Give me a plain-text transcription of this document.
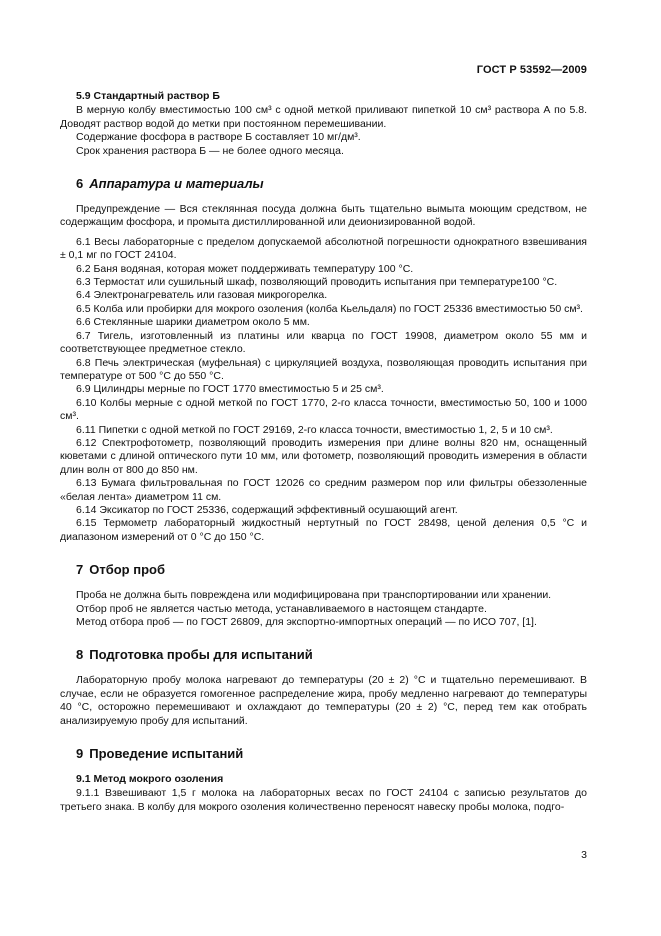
ГОСТ Р 53592—2009

5.9 Стандартный раствор Б

В мерную колбу вместимостью 100 см³ с одной меткой приливают пипеткой 10 см³ раствора А по 5.8. Доводят раствор водой до метки при постоянном перемешивании.

Содержание фосфора в растворе Б составляет 10 мг/дм³.

Срок хранения раствора Б — не более одного месяца.

6 Аппаратура и материалы

Предупреждение — Вся стеклянная посуда должна быть тщательно вымыта моющим средством, не содержащим фосфора, и промыта дистиллированной или деионизированной водой.

6.1 Весы лабораторные с пределом допускаемой абсолютной погрешности однократного взвешивания ± 0,1 мг по ГОСТ 24104.

6.2 Баня водяная, которая может поддерживать температуру 100 °С.

6.3 Термостат или сушильный шкаф, позволяющий проводить испытания при температуре100 °С.

6.4 Электронагреватель или газовая микрогорелка.

6.5 Колба или пробирки для мокрого озоления (колба Кьельдаля) по ГОСТ 25336 вместимостью 50 см³.

6.6 Стеклянные шарики диаметром около 5 мм.

6.7 Тигель, изготовленный из платины или кварца по ГОСТ 19908, диаметром около 55 мм и соответствующее предметное стекло.

6.8 Печь электрическая (муфельная) с циркуляцией воздуха, позволяющая проводить испытания при температуре от 500 °С до 550 °С.

6.9 Цилиндры мерные по ГОСТ 1770 вместимостью 5 и 25 см³.

6.10 Колбы мерные с одной меткой по ГОСТ 1770, 2-го класса точности, вместимостью 50, 100 и 1000 см³.

6.11 Пипетки с одной меткой по ГОСТ 29169, 2-го класса точности, вместимостью 1, 2, 5 и 10 см³.

6.12 Спектрофотометр, позволяющий проводить измерения при длине волны 820 нм, оснащенный кюветами с длиной оптического пути 10 мм, или фотометр, позволяющий проводить измерения в области длин волн от 800 до 850 нм.

6.13 Бумага фильтровальная по ГОСТ 12026 со средним размером пор или фильтры обеззоленные «белая лента» диаметром 11 см.

6.14 Эксикатор по ГОСТ 25336, содержащий эффективный осушающий агент.

6.15 Термометр лабораторный жидкостный нертутный по ГОСТ 28498, ценой деления 0,5 °С и диапазоном измерений от 0 °С до 150 °С.

7 Отбор проб

Проба не должна быть повреждена или модифицирована при транспортировании или хранении.

Отбор проб не является частью метода, устанавливаемого в настоящем стандарте.

Метод отбора проб — по ГОСТ 26809, для экспортно-импортных операций — по ИСО 707, [1].

8 Подготовка пробы для испытаний

Лабораторную пробу молока нагревают до температуры (20 ± 2) °С и тщательно перемешивают. В случае, если не образуется гомогенное распределение жира, пробу медленно нагревают до температуры 40 °С, осторожно перемешивают и охлаждают до температуры (20 ± 2) °С, перед тем как отобрать анализируемую пробу для испытаний.

9 Проведение испытаний

9.1 Метод мокрого озоления

9.1.1 Взвешивают 1,5 г молока на лабораторных весах по ГОСТ 24104 с записью результатов до третьего знака. В колбу для мокрого озоления количественно переносят навеску пробы молока, подго-

3
